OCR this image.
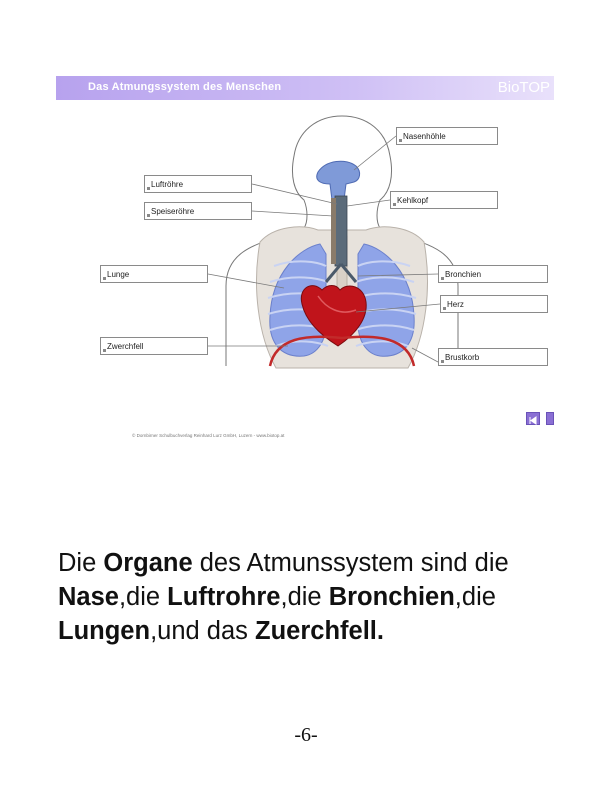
Das Atmungssystem des Menschen	BioTOP
Nasenhöhle
Luftröhre
Kehlkopf
Speiseröhre
Lunge	Bronchien
Herz
Zwerchfell
Brustkorb
© Dornbirner Schulbuchverlag Reinhard Lurz GmbH, Luzern - www.biotop.at
Die Organe des Atmunssystem sind die Nase,die Luftrohre,die Bronchien,die Lungen,und das Zuerchfell.
-6-
